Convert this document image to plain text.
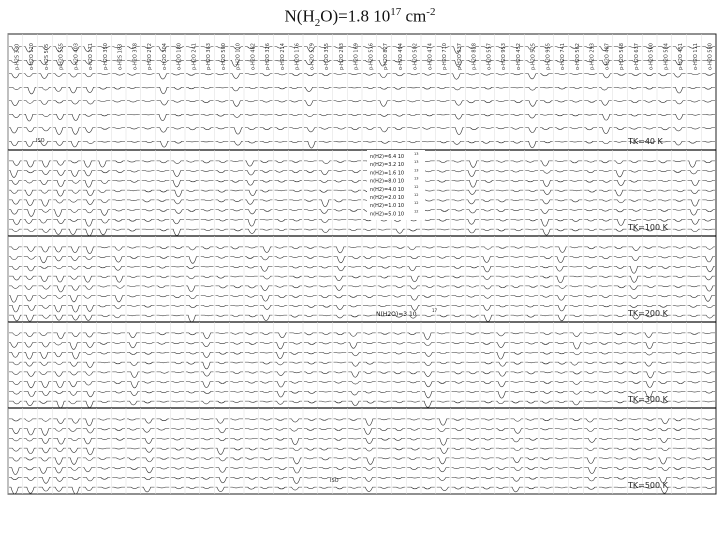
$N(H_2O)=1.8$ $10^{17}$ $cm^{-2}$
TK=40 K
ISO
TK=100 K
TK=200 K
TK=300 K
TK=500 K
ISO
p-H2S 330 o-H2O 120 o-H2S 505 p-H2O 555 p-H2O 403 o-H2O 171 p-H2O 350 o-H2S 183 o-H2O 378 p-H2O 272 o-H2O 304 o-H2O 180 p-H2O 241 p-H2O 363 o-H2O 500 p-H2O 110 o-H2O 482 p-H2O 326 o-H2O 214 p-H2O 176 o-H2O 579 o-H2O 355 p-H2O 203 p-H2O 169 p-H2O 516 p-H2O 827 o-H2O 494 o-H2O 502 o-H2O 474 p-H2O 710 p-H2O 537 p-H2O 828 o-H2O 557 o-H2O 953 o-H2O 452 p-H2O 525 p-H2O 955 o-H2O 741 o-H2O 562 p-H2O 293 o-H2O 487 p-H2O 568 p-H2O 637 o-H2O 500 p-H2O 534 p-H2O 451 o-H2O 111 o-H2O 530
n(H2)=6.4 10	13
n(H2)=3.2 10	13
n(H2)=1.6 10	13
n(H2)=8.0 10	13
n(H2)=4.0 10	12
n(H2)=2.0 10	12
n(H2)=1.0 10	12
n(H2)=5.0 10	12
N(H2O)=3 10
17
